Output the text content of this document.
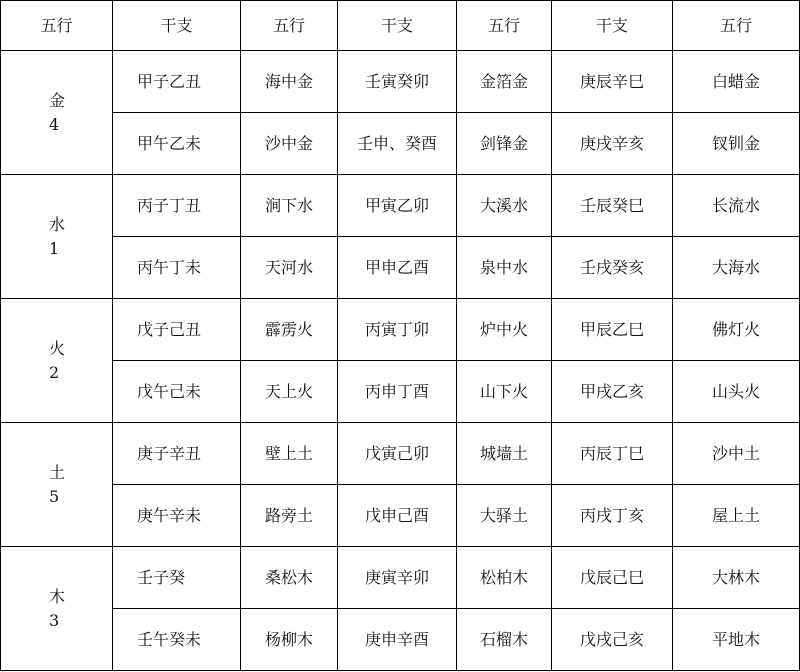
五行	干支	五行	干支	五行	干支	五行

金
4	甲子乙丑	海中金	壬寅癸卯	金箔金	庚辰辛巳	白蜡金
	甲午乙未	沙中金	壬申、癸酉	剑锋金	庚戌辛亥	钗钏金

水
1	丙子丁丑	涧下水	甲寅乙卯	大溪水	壬辰癸巳	长流水
	丙午丁未	天河水	甲申乙酉	泉中水	壬戌癸亥	大海水

火
2	戊子己丑	霹雳火	丙寅丁卯	炉中火	甲辰乙巳	佛灯火
	戊午己未	天上火	丙申丁酉	山下火	甲戌乙亥	山头火

土
5	庚子辛丑	壁上土	戊寅己卯	城墙土	丙辰丁巳	沙中土
	庚午辛未	路旁土	戊申己酉	大驿土	丙戌丁亥	屋上土

木
3	壬子癸	桑松木	庚寅辛卯	松柏木	戊辰己巳	大林木
	壬午癸未	杨柳木	庚申辛酉	石榴木	戊戌己亥	平地木
